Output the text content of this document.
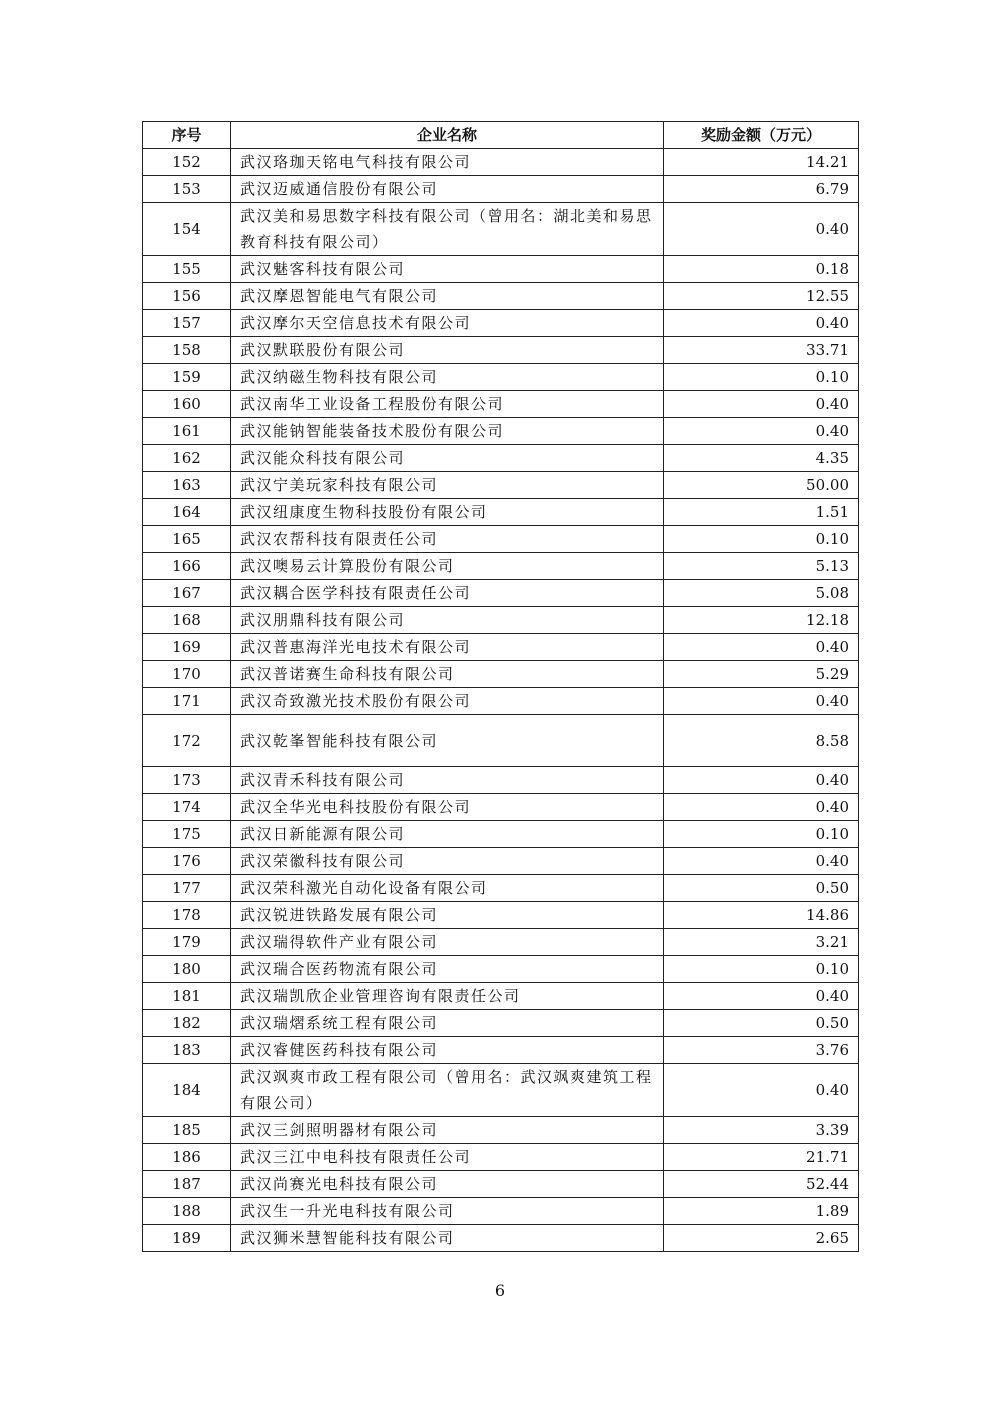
序号	企业名称	奖励金额（万元）
152	武汉珞珈天铭电气科技有限公司	14.21
153	武汉迈威通信股份有限公司	6.79
154	武汉美和易思数字科技有限公司（曾用名：湖北美和易思教育科技有限公司）	0.40
155	武汉魅客科技有限公司	0.18
156	武汉摩恩智能电气有限公司	12.55
157	武汉摩尔天空信息技术有限公司	0.40
158	武汉默联股份有限公司	33.71
159	武汉纳磁生物科技有限公司	0.10
160	武汉南华工业设备工程股份有限公司	0.40
161	武汉能钠智能装备技术股份有限公司	0.40
162	武汉能众科技有限公司	4.35
163	武汉宁美玩家科技有限公司	50.00
164	武汉纽康度生物科技股份有限公司	1.51
165	武汉农帮科技有限责任公司	0.10
166	武汉噢易云计算股份有限公司	5.13
167	武汉耦合医学科技有限责任公司	5.08
168	武汉朋鼎科技有限公司	12.18
169	武汉普惠海洋光电技术有限公司	0.40
170	武汉普诺赛生命科技有限公司	5.29
171	武汉奇致激光技术股份有限公司	0.40
172	武汉乾峯智能科技有限公司	8.58
173	武汉青禾科技有限公司	0.40
174	武汉全华光电科技股份有限公司	0.40
175	武汉日新能源有限公司	0.10
176	武汉荣徽科技有限公司	0.40
177	武汉荣科激光自动化设备有限公司	0.50
178	武汉锐进铁路发展有限公司	14.86
179	武汉瑞得软件产业有限公司	3.21
180	武汉瑞合医药物流有限公司	0.10
181	武汉瑞凯欣企业管理咨询有限责任公司	0.40
182	武汉瑞熠系统工程有限公司	0.50
183	武汉睿健医药科技有限公司	3.76
184	武汉飒爽市政工程有限公司（曾用名：武汉飒爽建筑工程有限公司）	0.40
185	武汉三剑照明器材有限公司	3.39
186	武汉三江中电科技有限责任公司	21.71
187	武汉尚赛光电科技有限公司	52.44
188	武汉生一升光电科技有限公司	1.89
189	武汉狮米慧智能科技有限公司	2.65
6
